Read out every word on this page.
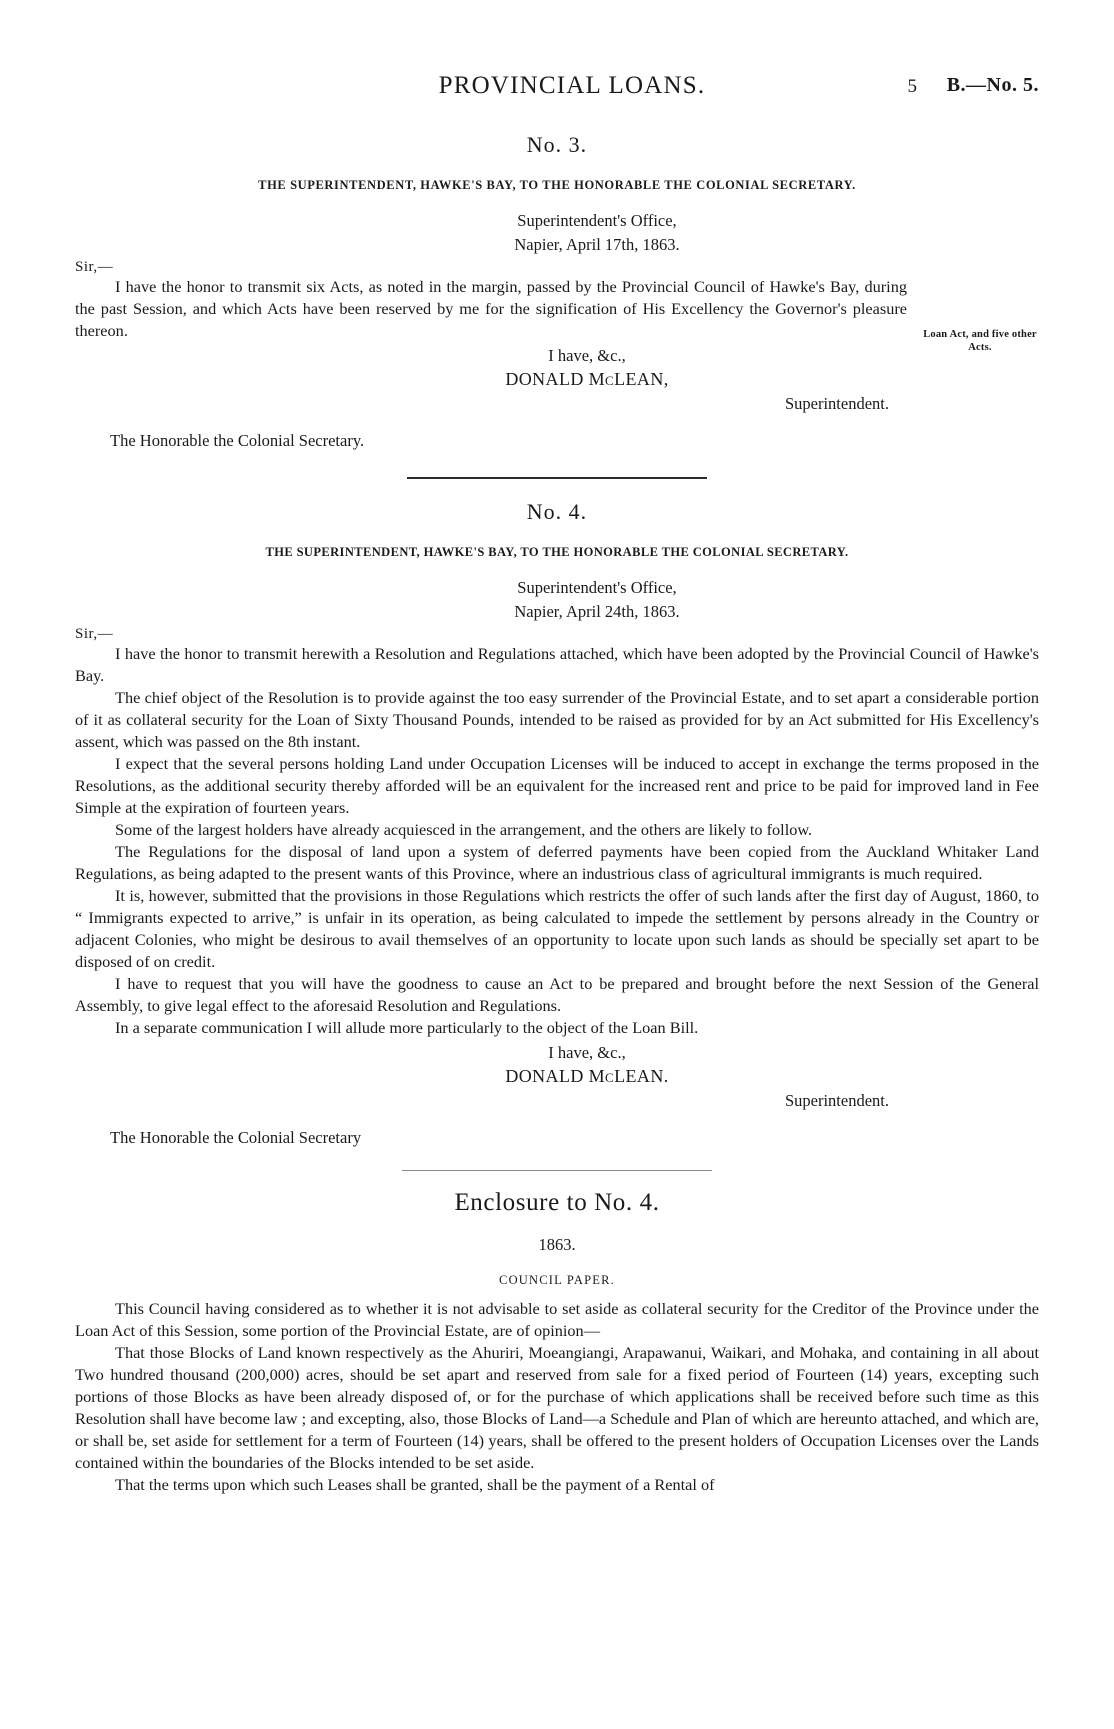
PROVINCIAL LOANS.	5 B.—No. 5.
No. 3.
THE SUPERINTENDENT, HAWKE'S BAY, TO THE HONORABLE THE COLONIAL SECRETARY.
Superintendent's Office,
Napier, April 17th, 1863.
Sir,—
Loan Act, and five other Acts.

I have the honor to transmit six Acts, as noted in the margin, passed by the Provincial Council of Hawke's Bay, during the past Session, and which Acts have been reserved by me for the signification of His Excellency the Governor's pleasure thereon.

I have, &c.,
DONALD McLEAN,
Superintendent.
The Honorable the Colonial Secretary.
No. 4.
THE SUPERINTENDENT, HAWKE'S BAY, TO THE HONORABLE THE COLONIAL SECRETARY.
Superintendent's Office,
Napier, April 24th, 1863.
Sir,—

I have the honor to transmit herewith a Resolution and Regulations attached, which have been adopted by the Provincial Council of Hawke's Bay.

The chief object of the Resolution is to provide against the too easy surrender of the Provincial Estate, and to set apart a considerable portion of it as collateral security for the Loan of Sixty Thousand Pounds, intended to be raised as provided for by an Act submitted for His Excellency's assent, which was passed on the 8th instant.

I expect that the several persons holding Land under Occupation Licenses will be induced to accept in exchange the terms proposed in the Resolutions, as the additional security thereby afforded will be an equivalent for the increased rent and price to be paid for improved land in Fee Simple at the expiration of fourteen years.

Some of the largest holders have already acquiesced in the arrangement, and the others are likely to follow.

The Regulations for the disposal of land upon a system of deferred payments have been copied from the Auckland Whitaker Land Regulations, as being adapted to the present wants of this Province, where an industrious class of agricultural immigrants is much required.

It is, however, submitted that the provisions in those Regulations which restricts the offer of such lands after the first day of August, 1860, to “ Immigrants expected to arrive,” is unfair in its operation, as being calculated to impede the settlement by persons already in the Country or adjacent Colonies, who might be desirous to avail themselves of an opportunity to locate upon such lands as should be specially set apart to be disposed of on credit.

I have to request that you will have the goodness to cause an Act to be prepared and brought before the next Session of the General Assembly, to give legal effect to the aforesaid Resolution and Regulations.

In a separate communication I will allude more particularly to the object of the Loan Bill.

I have, &c.,
DONALD McLEAN.
Superintendent.
The Honorable the Colonial Secretary
Enclosure to No. 4.
1863.
COUNCIL PAPER.

This Council having considered as to whether it is not advisable to set aside as collateral security for the Creditor of the Province under the Loan Act of this Session, some portion of the Provincial Estate, are of opinion—

That those Blocks of Land known respectively as the Ahuriri, Moeangiangi, Arapawanui, Waikari, and Mohaka, and containing in all about Two hundred thousand (200,000) acres, should be set apart and reserved from sale for a fixed period of Fourteen (14) years, excepting such portions of those Blocks as have been already disposed of, or for the purchase of which applications shall be received before such time as this Resolution shall have become law ; and excepting, also, those Blocks of Land—a Schedule and Plan of which are hereunto attached, and which are, or shall be, set aside for settlement for a term of Fourteen (14) years, shall be offered to the present holders of Occupation Licenses over the Lands contained within the boundaries of the Blocks intended to be set aside.

That the terms upon which such Leases shall be granted, shall be the payment of a Rental of
